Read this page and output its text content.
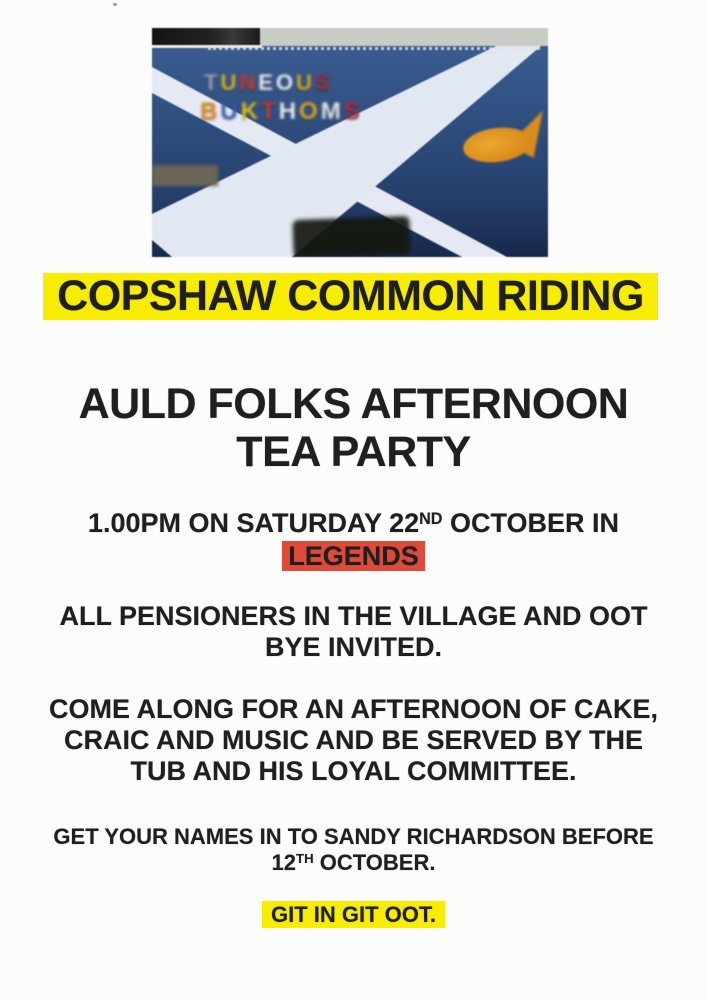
T U N E O U S
B U K T H O M S
COPSHAW COMMON RIDING
AULD FOLKS AFTERNOON
TEA PARTY
1.00PM ON SATURDAY 22ND OCTOBER IN
LEGENDS
ALL PENSIONERS IN THE VILLAGE AND OOT
BYE INVITED.
COME ALONG FOR AN AFTERNOON OF CAKE,
CRAIC AND MUSIC AND BE SERVED BY THE
TUB AND HIS LOYAL COMMITTEE.
GET YOUR NAMES IN TO SANDY RICHARDSON BEFORE
12TH OCTOBER.
GIT IN GIT OOT.
